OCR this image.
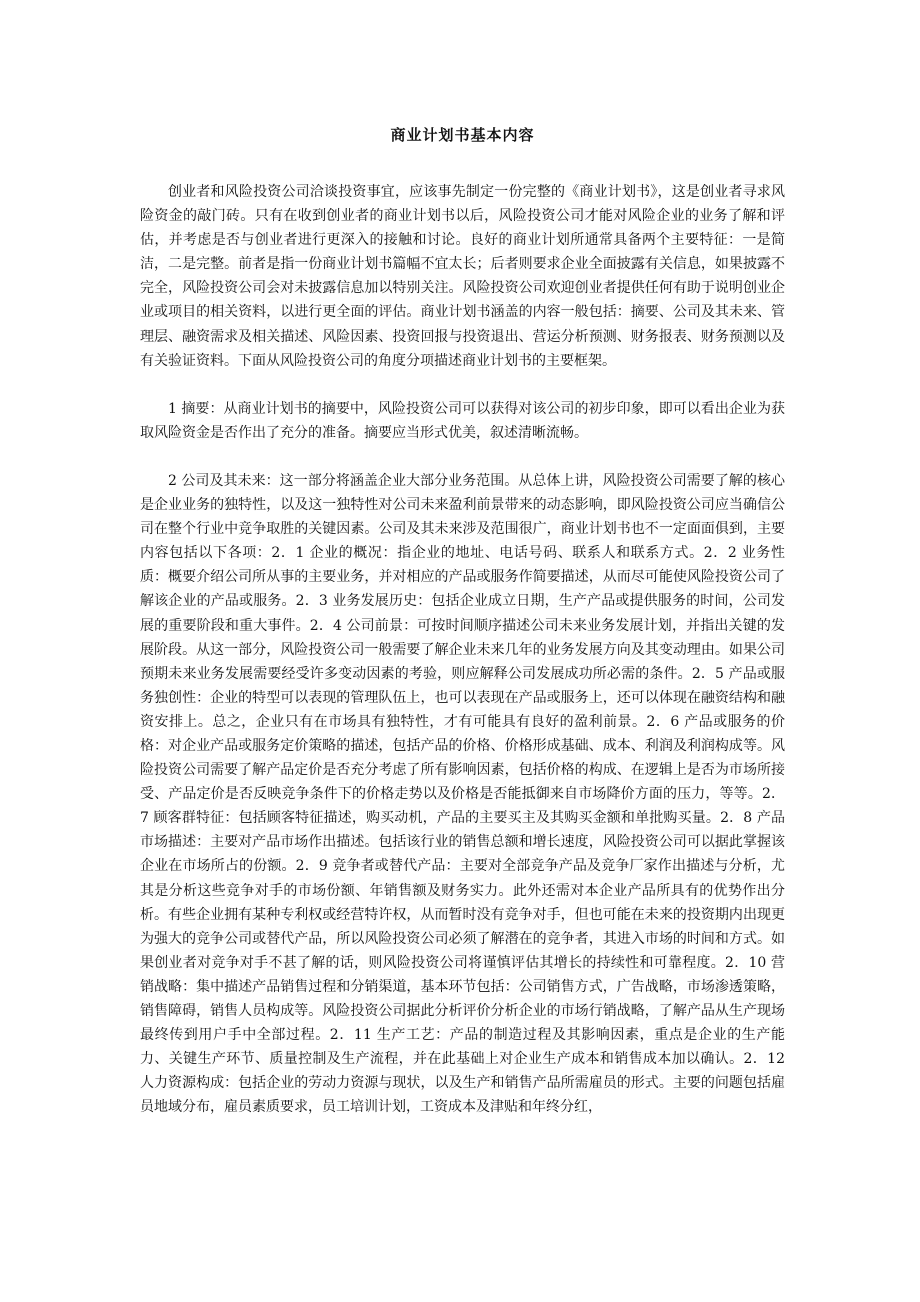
商业计划书基本内容

创业者和风险投资公司洽谈投资事宜，应该事先制定一份完整的《商业计划书》，这是创业者寻求风险资金的敲门砖。只有在收到创业者的商业计划书以后，风险投资公司才能对风险企业的业务了解和评估，并考虑是否与创业者进行更深入的接触和讨论。良好的商业计划所通常具备两个主要特征：一是简洁，二是完整。前者是指一份商业计划书篇幅不宜太长；后者则要求企业全面披露有关信息，如果披露不完全，风险投资公司会对未披露信息加以特别关注。风险投资公司欢迎创业者提供任何有助于说明创业企业或项目的相关资料，以进行更全面的评估。商业计划书涵盖的内容一般包括：摘要、公司及其未来、管理层、融资需求及相关描述、风险因素、投资回报与投资退出、营运分析预测、财务报表、财务预测以及有关验证资料。下面从风险投资公司的角度分项描述商业计划书的主要框架。

1 摘要：从商业计划书的摘要中，风险投资公司可以获得对该公司的初步印象，即可以看出企业为获取风险资金是否作出了充分的准备。摘要应当形式优美，叙述清晰流畅。

2 公司及其未来：这一部分将涵盖企业大部分业务范围。从总体上讲，风险投资公司需要了解的核心是企业业务的独特性，以及这一独特性对公司未来盈利前景带来的动态影响，即风险投资公司应当确信公司在整个行业中竞争取胜的关键因素。公司及其未来涉及范围很广，商业计划书也不一定面面俱到，主要内容包括以下各项：2．1 企业的概况：指企业的地址、电话号码、联系人和联系方式。2．2 业务性质：概要介绍公司所从事的主要业务，并对相应的产品或服务作简要描述，从而尽可能使风险投资公司了解该企业的产品或服务。2．3 业务发展历史：包括企业成立日期，生产产品或提供服务的时间，公司发展的重要阶段和重大事件。2．4 公司前景：可按时间顺序描述公司未来业务发展计划，并指出关键的发展阶段。从这一部分，风险投资公司一般需要了解企业未来几年的业务发展方向及其变动理由。如果公司预期未来业务发展需要经受许多变动因素的考验，则应解释公司发展成功所必需的条件。2．5 产品或服务独创性：企业的特型可以表现的管理队伍上，也可以表现在产品或服务上，还可以体现在融资结构和融资安排上。总之，企业只有在市场具有独特性，才有可能具有良好的盈利前景。2．6 产品或服务的价格：对企业产品或服务定价策略的描述，包括产品的价格、价格形成基础、成本、利润及利润构成等。风险投资公司需要了解产品定价是否充分考虑了所有影响因素，包括价格的构成、在逻辑上是否为市场所接受、产品定价是否反映竞争条件下的价格走势以及价格是否能抵御来自市场降价方面的压力，等等。2．7 顾客群特征：包括顾客特征描述，购买动机，产品的主要买主及其购买金额和单批购买量。2．8 产品市场描述：主要对产品市场作出描述。包括该行业的销售总额和增长速度，风险投资公司可以据此掌握该企业在市场所占的份额。2．9 竞争者或替代产品：主要对全部竞争产品及竞争厂家作出描述与分析，尤其是分析这些竞争对手的市场份额、年销售额及财务实力。此外还需对本企业产品所具有的优势作出分析。有些企业拥有某种专利权或经营特许权，从而暂时没有竞争对手，但也可能在未来的投资期内出现更为强大的竞争公司或替代产品，所以风险投资公司必须了解潜在的竞争者，其进入市场的时间和方式。如果创业者对竞争对手不甚了解的话，则风险投资公司将谨慎评估其增长的持续性和可靠程度。2．10 营销战略：集中描述产品销售过程和分销渠道，基本环节包括：公司销售方式，广告战略，市场渗透策略，销售障碍，销售人员构成等。风险投资公司据此分析评价分析企业的市场行销战略，了解产品从生产现场最终传到用户手中全部过程。2．11 生产工艺：产品的制造过程及其影响因素，重点是企业的生产能力、关键生产环节、质量控制及生产流程，并在此基础上对企业生产成本和销售成本加以确认。2．12 人力资源构成：包括企业的劳动力资源与现状，以及生产和销售产品所需雇员的形式。主要的问题包括雇员地域分布，雇员素质要求，员工培训计划，工资成本及津贴和年终分红，
